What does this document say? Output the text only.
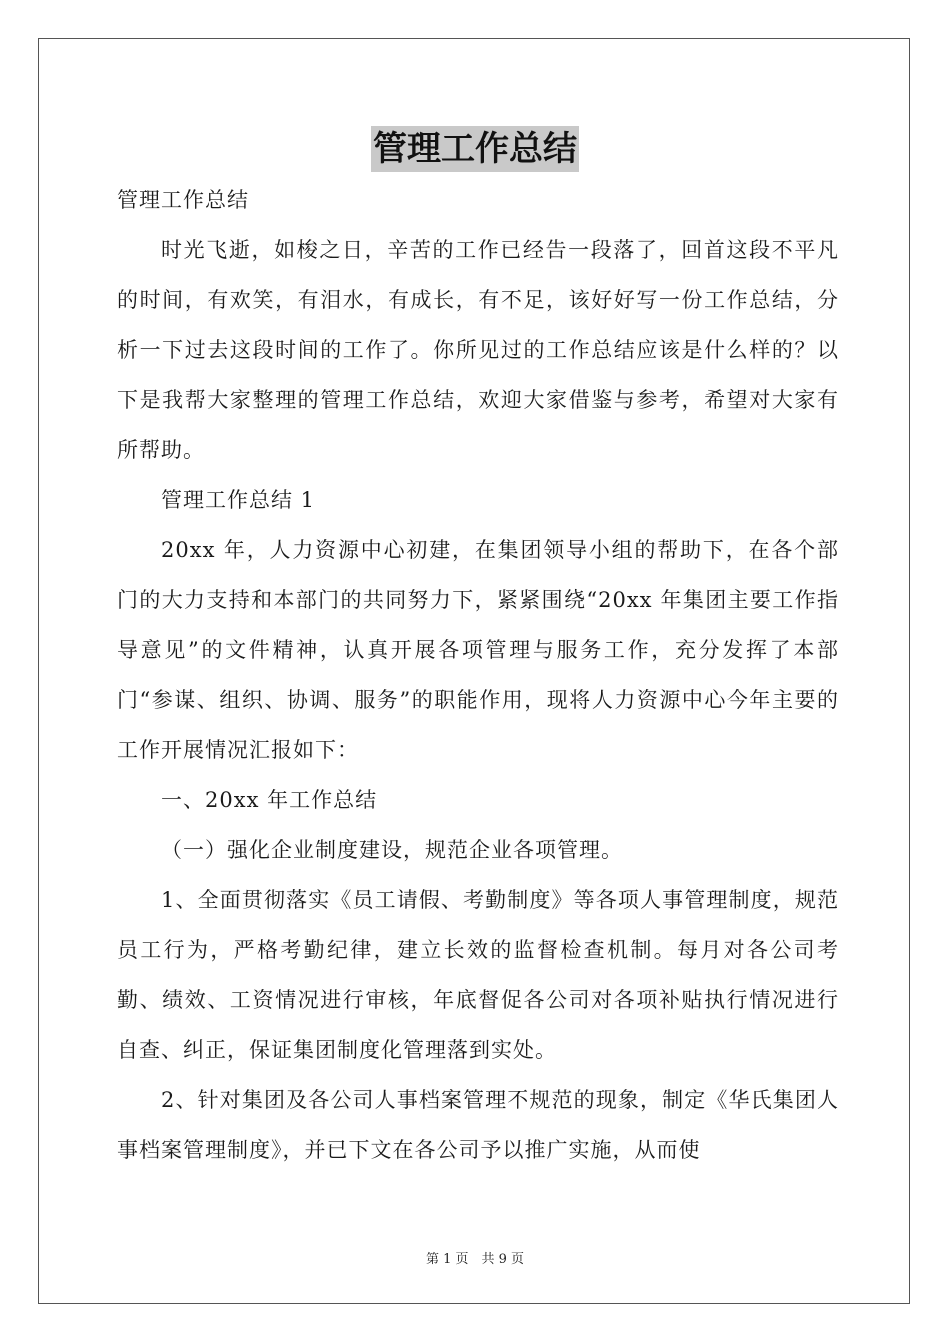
管理工作总结

管理工作总结

时光飞逝，如梭之日，辛苦的工作已经告一段落了，回首这段不平凡的时间，有欢笑，有泪水，有成长，有不足，该好好写一份工作总结，分析一下过去这段时间的工作了。你所见过的工作总结应该是什么样的？以下是我帮大家整理的管理工作总结，欢迎大家借鉴与参考，希望对大家有所帮助。

管理工作总结 1

20xx 年，人力资源中心初建，在集团领导小组的帮助下，在各个部门的大力支持和本部门的共同努力下，紧紧围绕“20xx 年集团主要工作指导意见”的文件精神，认真开展各项管理与服务工作，充分发挥了本部门“参谋、组织、协调、服务”的职能作用，现将人力资源中心今年主要的工作开展情况汇报如下：

一、20xx 年工作总结

（一）强化企业制度建设，规范企业各项管理。

1、全面贯彻落实《员工请假、考勤制度》等各项人事管理制度，规范员工行为，严格考勤纪律，建立长效的监督检查机制。每月对各公司考勤、绩效、工资情况进行审核，年底督促各公司对各项补贴执行情况进行自查、纠正，保证集团制度化管理落到实处。

2、针对集团及各公司人事档案管理不规范的现象，制定《华氏集团人事档案管理制度》，并已下文在各公司予以推广实施，从而使

第 1 页　共 9 页
